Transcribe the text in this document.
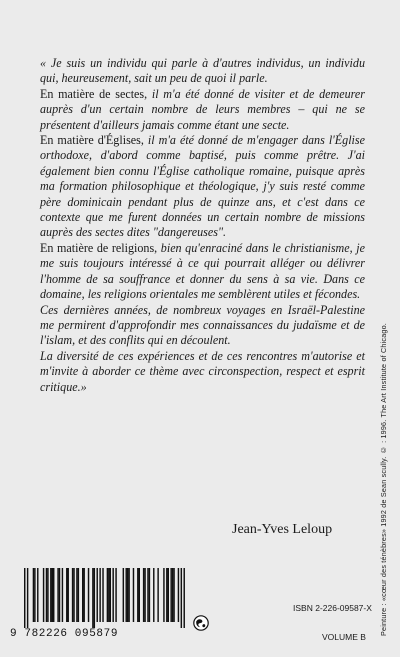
« Je suis un individu qui parle à d'autres individus, un individu qui, heureusement, sait un peu de quoi il parle.

En matière de sectes, il m'a été donné de visiter et de demeurer auprès d'un certain nombre de leurs membres – qui ne se présentent d'ailleurs jamais comme étant une secte.

En matière d'Églises, il m'a été donné de m'engager dans l'Église orthodoxe, d'abord comme baptisé, puis comme prêtre. J'ai également bien connu l'Église catholique romaine, puisque après ma formation philosophique et théologique, j'y suis resté comme père dominicain pendant plus de quinze ans, et c'est dans ce contexte que me furent données un certain nombre de missions auprès des sectes dites "dangereuses".

En matière de religions, bien qu'enraciné dans le christianisme, je me suis toujours intéressé à ce qui pourrait alléger ou délivrer l'homme de sa souffrance et donner du sens à sa vie. Dans ce domaine, les religions orientales me semblèrent utiles et fécondes.

Ces dernières années, de nombreux voyages en Israël-Palestine me permirent d'approfondir mes connaissances du judaïsme et de l'islam, et des conflits qui en découlent.

La diversité de ces expériences et de ces rencontres m'autorise et m'invite à aborder ce thème avec circonspection, respect et esprit critique.»

Jean-Yves Leloup	Peinture : «cœur des ténèbres» 1992 de Sean scully. © : 1996. The Art Institute of Chicago.
9 782226 095879
ISBN 2-226-09587-X
VOLUME B
